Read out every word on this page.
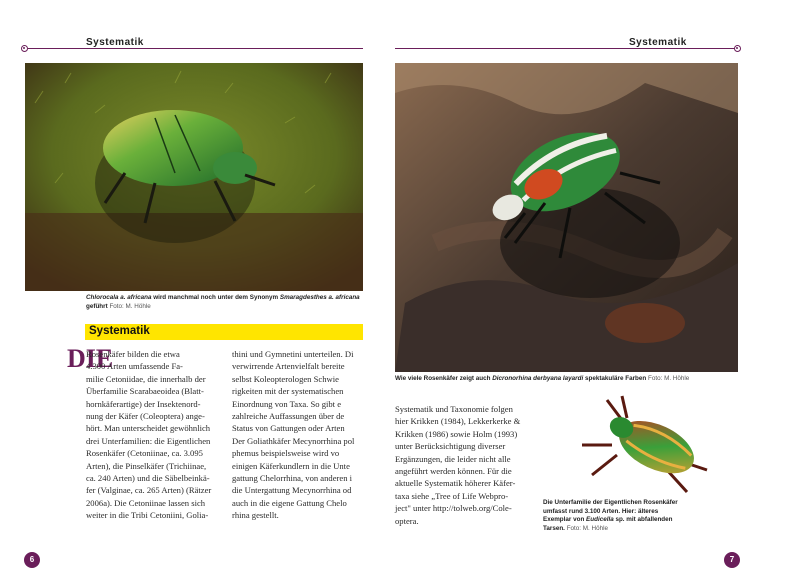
Systematik
Chlorocala a. africana wird manchmal noch unter dem Synonym Smaragdesthes a. africana
geführt Foto: M. Höhle
Systematik
DIE
Rosenkäfer bilden die etwa
4.300 Arten umfassende Fa-
milie Cetoniidae, die innerhalb der
Überfamilie Scarabaeoidea (Blatt-
hornkäferartige) der Insektenord-
nung der Käfer (Coleoptera) ange-
hört. Man unterscheidet gewöhnlich
drei Unterfamilien: die Eigentlichen
Rosenkäfer (Cetoniinae, ca. 3.095
Arten), die Pinselkäfer (Trichiinae,
ca. 240 Arten) und die Säbelbeinkä-
fer (Valginae, ca. 265 Arten) (Rätzer
2006a). Die Cetoniinae lassen sich
weiter in die Tribi Cetoniini, Golia-
thini und Gymnetini unterteilen. Di
verwirrende Artenvielfalt bereite
selbst Koleopterologen Schwie
rigkeiten mit der systematischen
Einordnung von Taxa. So gibt e
zahlreiche Auffassungen über de
Status von Gattungen oder Arten
Der Goliathkäfer Mecynorrhina pol
phemus beispielsweise wird vo
einigen Käferkundlern in die Unte
gattung Chelorrhina, von anderen i
die Untergattung Mecynorrhina od
auch in die eigene Gattung Chelo
rhina gestellt.
6
Systematik
Wie viele Rosenkäfer zeigt auch Dicronorhina derbyana layardi spektakuläre Farben Foto: M. Höhle
Systematik und Taxonomie folgen
hier Krikken (1984), Lekkerkerke &
Krikken (1986) sowie Holm (1993)
unter Berücksichtigung diverser
Ergänzungen, die leider nicht alle
angeführt werden können. Für die
aktuelle Systematik höherer Käfer-
taxa siehe „Tree of Life Webpro-
ject" unter http://tolweb.org/Cole-
optera.
Die Unterfamilie der Eigentlichen Rosenkäfer
umfasst rund 3.100 Arten. Hier: älteres
Exemplar von Eudicella sp. mit abfallenden
Tarsen. Foto: M. Höhle
7
